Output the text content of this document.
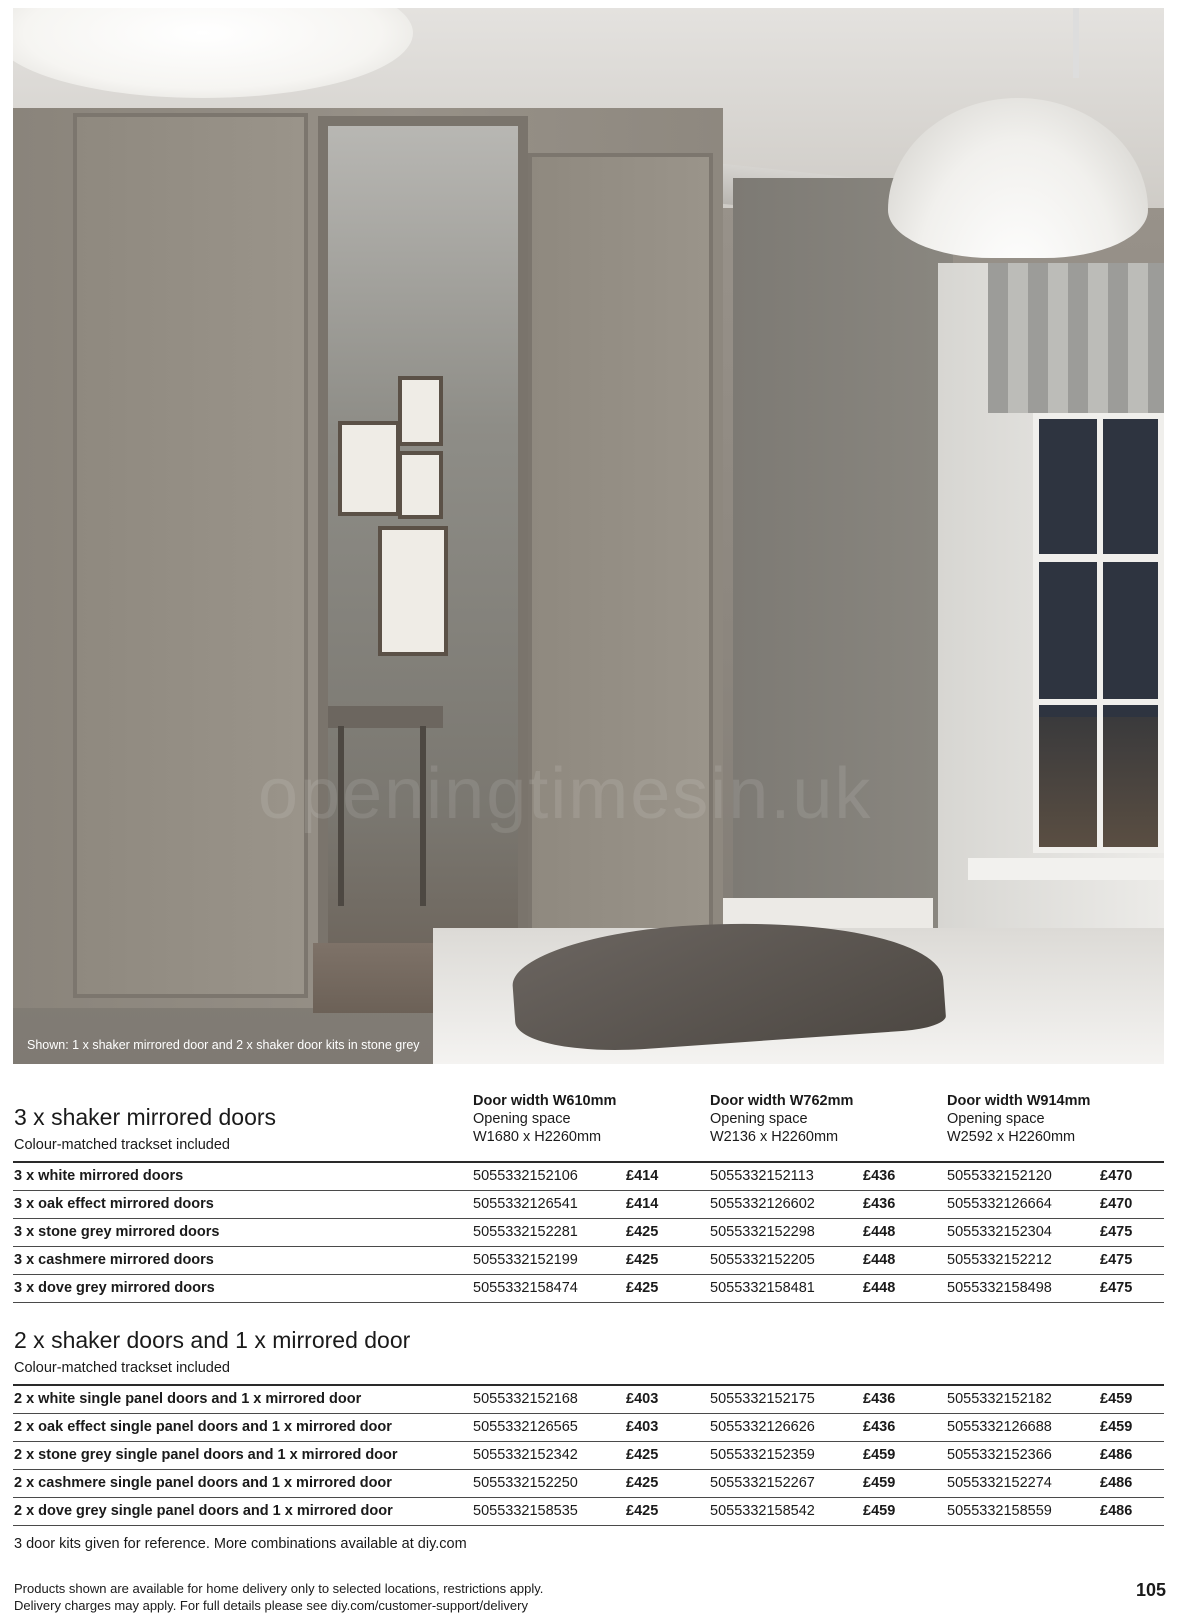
openingtimesin.uk
Shown: 1 x shaker mirrored door and 2 x shaker door kits in stone grey
Door width W610mm
Opening space
W1680 x H2260mm
Door width W762mm
Opening space
W2136 x H2260mm
Door width W914mm
Opening space
W2592 x H2260mm
3 x shaker mirrored doors
Colour-matched trackset included
3 x white mirrored doors	5055332152106	£414	5055332152113	£436	5055332152120	£470
3 x oak effect mirrored doors	5055332126541	£414	5055332126602	£436	5055332126664	£470
3 x stone grey mirrored doors	5055332152281	£425	5055332152298	£448	5055332152304	£475
3 x cashmere mirrored doors	5055332152199	£425	5055332152205	£448	5055332152212	£475
3 x dove grey mirrored doors	5055332158474	£425	5055332158481	£448	5055332158498	£475
2 x shaker doors and 1 x mirrored door
Colour-matched trackset included
2 x white single panel doors and 1 x mirrored door	5055332152168	£403	5055332152175	£436	5055332152182	£459
2 x oak effect single panel doors and 1 x mirrored door	5055332126565	£403	5055332126626	£436	5055332126688	£459
2 x stone grey single panel doors and 1 x mirrored door	5055332152342	£425	5055332152359	£459	5055332152366	£486
2 x cashmere single panel doors and 1 x mirrored door	5055332152250	£425	5055332152267	£459	5055332152274	£486
2 x dove grey single panel doors and 1 x mirrored door	5055332158535	£425	5055332158542	£459	5055332158559	£486
3 door kits given for reference. More combinations available at diy.com
Products shown are available for home delivery only to selected locations, restrictions apply.
Delivery charges may apply. For full details please see diy.com/customer-support/delivery
105
